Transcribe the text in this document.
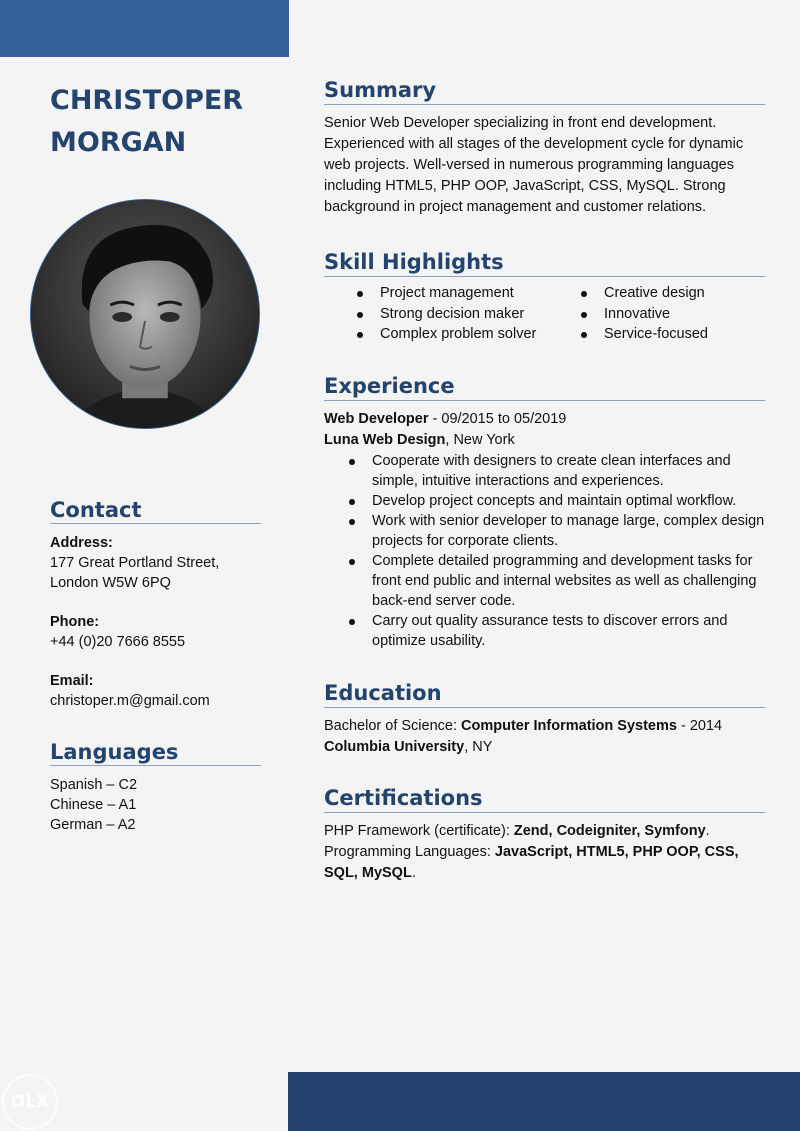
CHRISTOPER
MORGAN
Contact
Address:
177 Great Portland Street,
London W5W 6PQ
Phone:
+44 (0)20 7666 8555
Email:
christoper.m@gmail.com
Languages
Spanish – C2
Chinese – A1
German – A2
Summary

Senior Web Developer specializing in front end development. Experienced with all stages of the development cycle for dynamic web projects. Well-versed in numerous programming languages including HTML5, PHP OOP, JavaScript, CSS, MySQL. Strong background in project management and customer relations.

Skill Highlights
Project management
Strong decision maker
Complex problem solver
Creative design
Innovative
Service-focused
Experience

Web Developer - 09/2015 to 05/2019

Luna Web Design, New York

Cooperate with designers to create clean interfaces and simple, intuitive interactions and experiences.
Develop project concepts and maintain optimal workflow.
Work with senior developer to manage large, complex design projects for corporate clients.
Complete detailed programming and development tasks for front end public and internal websites as well as challenging back-end server code.
Carry out quality assurance tests to discover errors and optimize usability.
Education

Bachelor of Science: Computer Information Systems - 2014

Columbia University, NY

Certifications

PHP Framework (certificate): Zend, Codeigniter, Symfony.

Programming Languages: JavaScript, HTML5, PHP OOP, CSS, SQL, MySQL.

OLX
